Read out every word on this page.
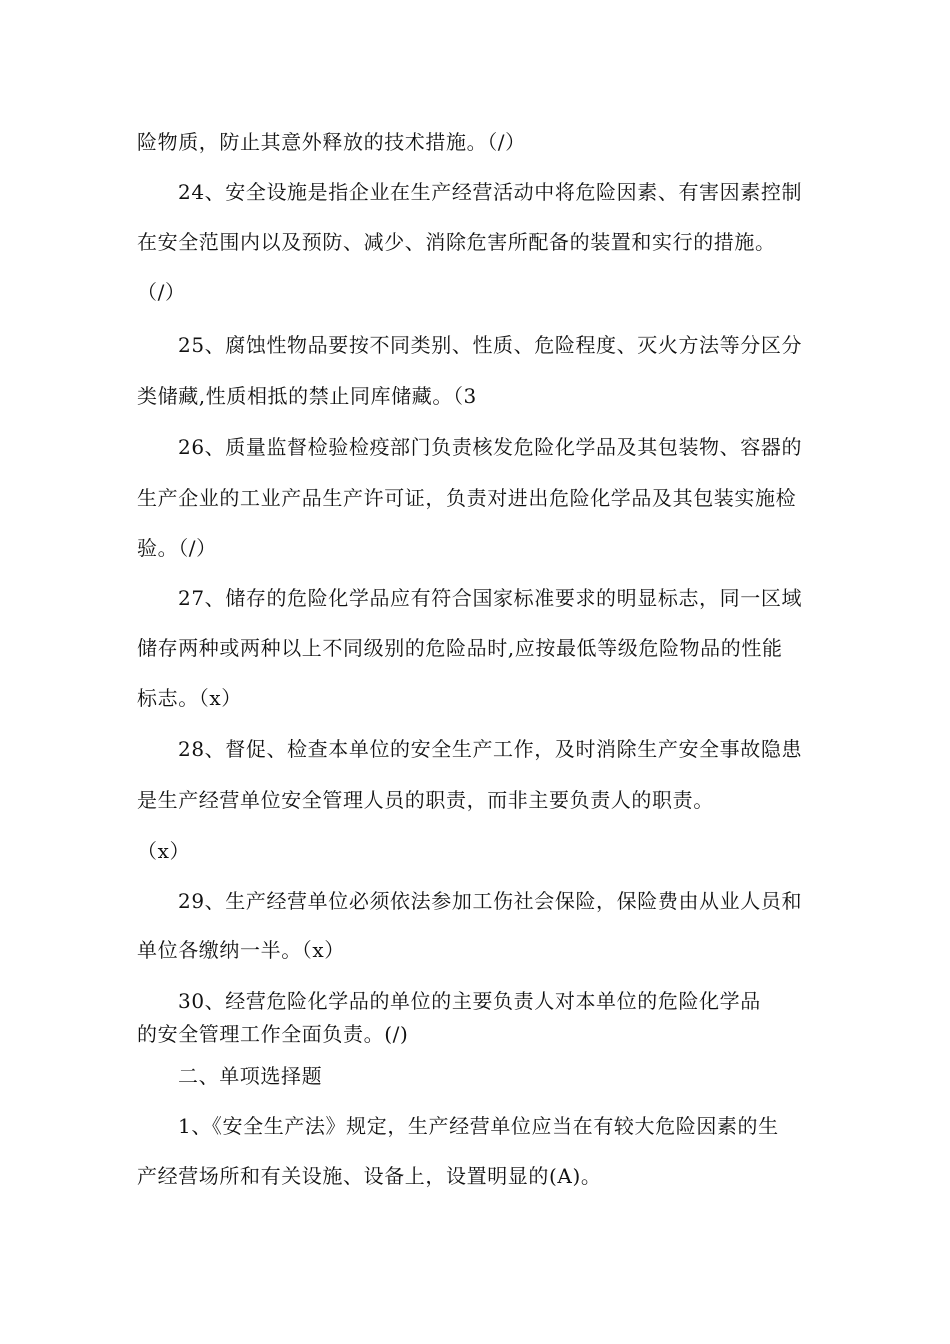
险物质，防止其意外释放的技术措施。（/）
24、安全设施是指企业在生产经营活动中将危险因素、有害因素控制
在安全范围内以及预防、减少、消除危害所配备的装置和实行的措施。
（/）
25、腐蚀性物品要按不同类别、性质、危险程度、灭火方法等分区分
类储藏,性质相抵的禁止同库储藏。（3
26、质量监督检验检疫部门负责核发危险化学品及其包装物、容器的
生产企业的工业产品生产许可证，负责对进出危险化学品及其包装实施检
验。（/）
27、储存的危险化学品应有符合国家标准要求的明显标志，同一区域
储存两种或两种以上不同级别的危险品时,应按最低等级危险物品的性能
标志。（x）
28、督促、检查本单位的安全生产工作，及时消除生产安全事故隐患
是生产经营单位安全管理人员的职责，而非主要负责人的职责。
（x）
29、生产经营单位必须依法参加工伤社会保险，保险费由从业人员和
单位各缴纳一半。（x）
30、经营危险化学品的单位的主要负责人对本单位的危险化学品
的安全管理工作全面负责。(/)
二、单项选择题
1、《安全生产法》规定，生产经营单位应当在有较大危险因素的生
产经营场所和有关设施、设备上，设置明显的(A)。
